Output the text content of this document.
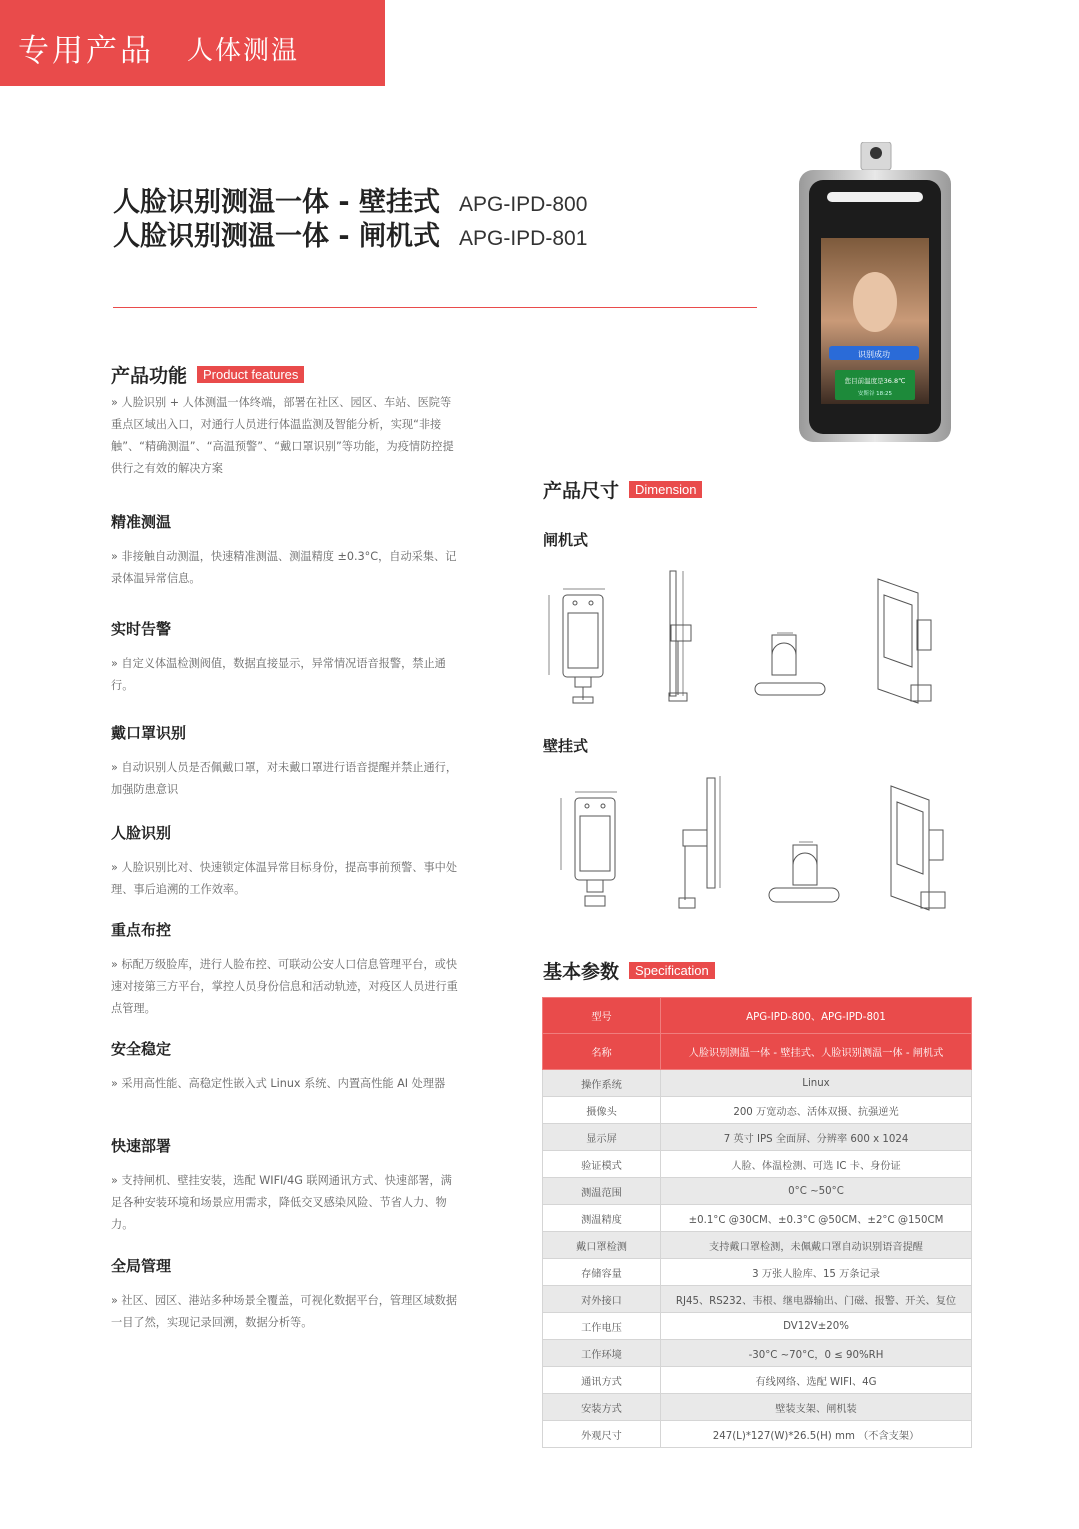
专用产品 人体测温
人脸识别测温一体 - 壁挂式 APG-IPD-800
人脸识别测温一体 - 闸机式 APG-IPD-801
识别成功
您目前温度是36.8℃
安斯谷 18:25
产品功能	Product features

» 人脸识别 + 人体测温一体终端，部署在社区、园区、车站、医院等重点区域出入口，对通行人员进行体温监测及智能分析，实现“非接触”、“精确测温”、“高温预警”、“戴口罩识别”等功能，为疫情防控提供行之有效的解决方案

精准测温

» 非接触自动测温，快速精准测温、测温精度 ±0.3°C，自动采集、记录体温异常信息。

实时告警

» 自定义体温检测阀值，数据直接显示，异常情况语音报警，禁止通行。

戴口罩识别

» 自动识别人员是否佩戴口罩，对未戴口罩进行语音提醒并禁止通行，加强防患意识

人脸识别

» 人脸识别比对、快速锁定体温异常目标身份，提高事前预警、事中处理、事后追溯的工作效率。

重点布控

» 标配万级脸库，进行人脸布控、可联动公安人口信息管理平台，或快速对接第三方平台，掌控人员身份信息和活动轨迹，对疫区人员进行重点管理。

安全稳定

» 采用高性能、高稳定性嵌入式 Linux 系统、内置高性能 AI 处理器

快速部署

» 支持闸机、壁挂安装，选配 WIFI/4G 联网通讯方式、快速部署，满足各种安装环境和场景应用需求，降低交叉感染风险、节省人力、物力。

全局管理

» 社区、园区、港站多种场景全覆盖，可视化数据平台，管理区域数据一目了然，实现记录回溯，数据分析等。

产品尺寸	Dimension
闸机式
壁挂式
基本参数	Specification
型号	APG-IPD-800、APG-IPD-801
名称	人脸识别测温一体 - 壁挂式、人脸识别测温一体 - 闸机式
操作系统	Linux
摄像头	200 万宽动态、活体双摄、抗强逆光
显示屏	7 英寸 IPS 全面屏、分辨率 600 x 1024
验证模式	人脸、体温检测、可选 IC 卡、身份证
测温范围	0°C ~50°C
测温精度	±0.1°C @30CM、±0.3°C @50CM、±2°C @150CM
戴口罩检测	支持戴口罩检测，未佩戴口罩自动识别语音提醒
存储容量	3 万张人脸库、15 万条记录
对外接口	RJ45、RS232、韦根、继电器输出、门磁、报警、开关、复位
工作电压	DV12V±20%
工作环境	-30°C ~70°C，0 ≤ 90%RH
通讯方式	有线网络、选配 WIFI、4G
安装方式	壁装支架、闸机装
外观尺寸	247(L)*127(W)*26.5(H) mm （不含支架）
